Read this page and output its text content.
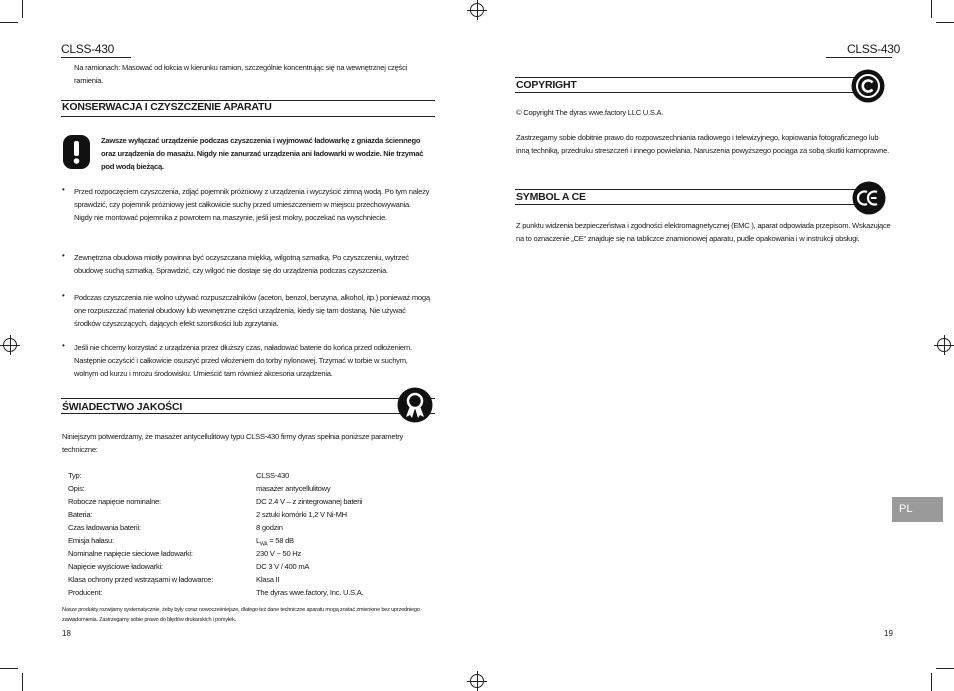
CLSS-430
Na ramionach: Masować od łokcia w kierunku ramion, szczególnie koncentrując się na wewnętrznej części ramienia.
KONSERWACJA I CZYSZCZENIE APARATU
Zawsze wyłączać urządzenie podczas czyszczenia i wyjmować ładowarkę z gniazda ściennego oraz urządzenia do masażu. Nigdy nie zanurzać urządzenia ani ładowarki w wodzie. Nie trzymać pod wodą bieżącą.
• Przed rozpoczęciem czyszczenia, zdjąć pojemnik próżniowy z urządzenia i wyczyścić zimną wodą. Po tym należy sprawdzić, czy pojemnik próżniowy jest całkowicie suchy przed umieszczeniem w miejscu przechowywania. Nigdy nie montować pojemnika z powrotem na maszynie, jeśli jest mokry, poczekać na wyschniecie.
• Zewnętrzna obudowa miotły powinna być oczyszczana miękką, wilgotną szmatką. Po czyszczeniu, wytrzeć obudowę suchą szmatką. Sprawdzić, czy wilgoć nie dostaje się do urządzenia podczas czyszczenia.
• Podczas czyszczenia nie wolno używać rozpuszczalników (aceton, benzol, benzyna, alkohol, itp.) ponieważ mogą one rozpuszczać materiał obudowy lub wewnętrzne części urządzenia, kiedy się tam dostaną. Nie używać środków czyszczących, dających efekt szorstkości lub zgrzytania.
• Jeśli nie chcemy korzystać z urządzenia przez dłuższy czas, naładować baterie do końca przed odłożeniem. Następnie oczyścić i całkowicie osuszyć przed włożeniem do torby nylonowej. Trzymać w torbie w suchym, wolnym od kurzu i mrozu środowisku. Umieścić tam również akcesoria urządzenia.
ŚWIADECTWO JAKOŚCI
Niniejszym potwierdzamy, że masażer antycellulitowy typu CLSS-430 firmy dyras spełnia poniższe parametry techniczne:
Typ:	CLSS-430
Opis:	masażer antycellulitowy
Robocze napięcie nominalne:	DC 2.4 V – z zintegrowanej baterii
Bateria:	2 sztuki komórki 1,2 V Ni-MH
Czas ładowania baterii:	8 godzin
Emisja hałasu:	$L_{WA} = 58$ dB
Nominalne napięcie sieciowe ładowarki:	230 V ~ 50 Hz
Napięcie wyjściowe ładowarki:	DC 3 V / 400 mA
Klasa ochrony przed wstrząsami w ładowarce:	Klasa II
Producent:	The dyras wwe.factory, Inc. U.S.A.
Nasze produkty rozwijamy systematycznie, żeby były coraz nowocześniejsze, dlatego też dane techniczne aparatu mogą zostać zmienione bez uprzedniego zawiadomienia. Zastrzegamy sobie prawo do błędów drukarskich i pomyłek.
18
CLSS-430
COPYRIGHT
© Copyright The dyras wwe.factory LLC U.S.A.
Zastrzegamy sobie dobitnie prawo do rozpowszechniania radiowego i telewizyjnego, kopiowania fotograficznego lub inną techniką, przedruku streszczeń i innego powielania. Naruszenia powyższego pociąga za sobą skutki karnoprawne.
SYMBOL A CE
Z punktu widzenia bezpieczeństwa i zgodności elektromagnetycznej (EMC ), aparat odpowiada przepisom. Wskazujące na to oznaczenie „CE“ znajduje się na tabliczce znamionowej aparatu, pudle opakowania i w instrukcji obsługi.
PL
19
